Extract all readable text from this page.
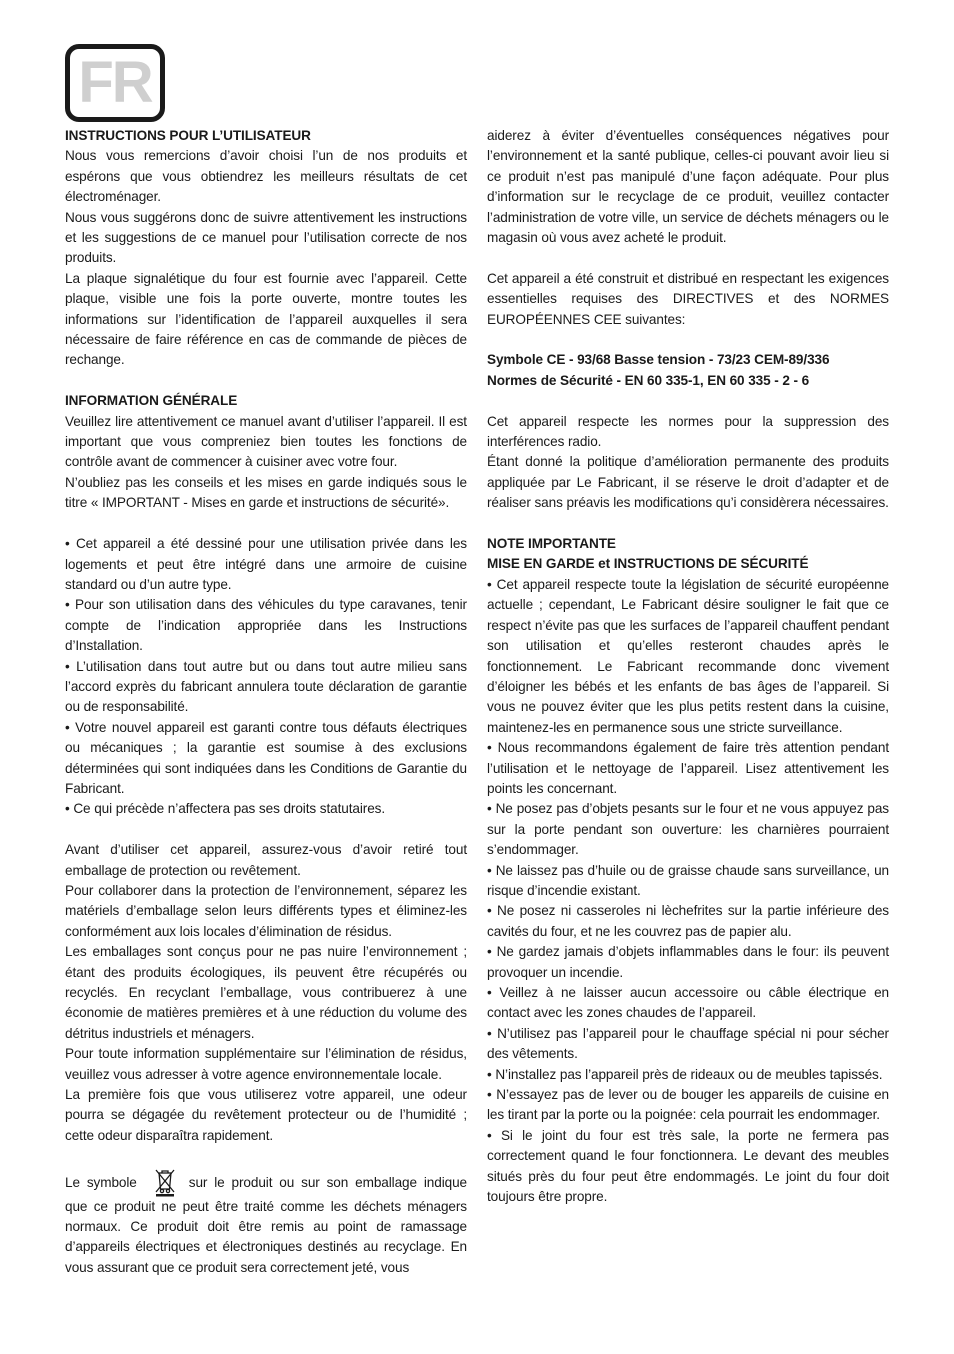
FR

INSTRUCTIONS POUR L’UTILISATEUR

Nous vous remercions d’avoir choisi l’un de nos produits et espérons que vous obtiendrez les meilleurs résultats de cet électroménager.

Nous vous suggérons donc de suivre attentivement les instructions et les suggestions de ce manuel pour l’utilisation correcte de nos produits.

La plaque signalétique du four est fournie avec l’appareil. Cette plaque, visible une fois la porte ouverte, montre toutes les informations sur l’identification de l’appareil auxquelles il sera nécessaire de faire référence en cas de commande de pièces de rechange.

INFORMATION GÉNÉRALE

Veuillez lire attentivement ce manuel avant d’utiliser l’appareil. Il est important que vous compreniez bien toutes les fonctions de contrôle avant de commencer à cuisiner avec votre four.

N’oubliez pas les conseils et les mises en garde indiqués sous le titre « IMPORTANT - Mises en garde et instructions de sécurité».

• Cet appareil a été dessiné pour une utilisation privée dans les logements et peut être intégré dans une armoire de cuisine standard ou d’un autre type.

• Pour son utilisation dans des véhicules du type caravanes, tenir compte de l’indication appropriée dans les Instructions d’Installation.

• L’utilisation dans tout autre but ou dans tout autre milieu sans l’accord exprès du fabricant annulera toute déclaration de garantie ou de responsabilité.

• Votre nouvel appareil est garanti contre tous défauts électriques ou mécaniques ; la garantie est soumise à des exclusions déterminées qui sont indiquées dans les Conditions de Garantie du Fabricant.

• Ce qui précède n’affectera pas ses droits statutaires.

Avant d’utiliser cet appareil, assurez-vous d’avoir retiré tout emballage de protection ou revêtement.

Pour collaborer dans la protection de l’environnement, séparez les matériels d’emballage selon leurs différents types et éliminez-les conformément aux lois locales d’élimination de résidus.

Les emballages sont conçus pour ne pas nuire l’environnement ; étant des produits écologiques, ils peuvent être récupérés ou recyclés. En recyclant l’emballage, vous contribuerez à une économie de matières premières et à une réduction du volume des détritus industriels et ménagers.

Pour toute information supplémentaire sur l’élimination de résidus, veuillez vous adresser à votre agence environnementale locale.

La première fois que vous utiliserez votre appareil, une odeur pourra se dégagée du revêtement protecteur ou de l’humidité ; cette odeur disparaîtra rapidement.

Le symbole	sur le produit ou sur son emballage indique que ce produit ne peut être traité comme les déchets ménagers normaux. Ce produit doit être remis au point de ramassage d’appareils électriques et électroniques destinés au recyclage. En vous assurant que ce produit sera correctement jeté, vous

aiderez à éviter d’éventuelles conséquences négatives pour l’environnement et la santé publique, celles-ci pouvant avoir lieu si ce produit n’est pas manipulé d’une façon adéquate. Pour plus d’information sur le recyclage de ce produit, veuillez contacter l’administration de votre ville, un service de déchets ménagers ou le magasin où vous avez acheté le produit.

Cet appareil a été construit et distribué en respectant les exigences essentielles requises des DIRECTIVES et des NORMES EUROPÉENNES CEE suivantes:

Symbole CE - 93/68 Basse tension - 73/23 CEM-89/336

Normes de Sécurité - EN 60 335-1, EN 60 335 - 2 - 6

Cet appareil respecte les normes pour la suppression des interférences radio.

Étant donné la politique d’amélioration permanente des produits appliquée par Le Fabricant, il se réserve le droit d’adapter et de réaliser sans préavis les modifications qu’i considèrera nécessaires.

NOTE IMPORTANTE

MISE EN GARDE et INSTRUCTIONS DE SÉCURITÉ

• Cet appareil respecte toute la législation de sécurité européenne actuelle ; cependant, Le Fabricant désire souligner le fait que ce respect n’évite pas que les surfaces de l’appareil chauffent pendant son utilisation et qu’elles resteront chaudes après le fonctionnement. Le Fabricant recommande donc vivement d’éloigner les bébés et les enfants de bas âges de l’appareil. Si vous ne pouvez éviter que les plus petits restent dans la cuisine, maintenez-les en permanence sous une stricte surveillance.

• Nous recommandons également de faire très attention pendant l’utilisation et le nettoyage de l’appareil. Lisez attentivement les points les concernant.

• Ne posez pas d’objets pesants sur le four et ne vous appuyez pas sur la porte pendant son ouverture: les charnières pourraient s’endommager.

• Ne laissez pas d’huile ou de graisse chaude sans surveillance, un risque d’incendie existant.

• Ne posez ni casseroles ni lèchefrites sur la partie inférieure des cavités du four, et ne les couvrez pas de papier alu.

• Ne gardez jamais d’objets inflammables dans le four: ils peuvent provoquer un incendie.

• Veillez à ne laisser aucun accessoire ou câble électrique en contact avec les zones chaudes de l’appareil.

• N’utilisez pas l’appareil pour le chauffage spécial ni pour sécher des vêtements.

• N’installez pas l’appareil près de rideaux ou de meubles tapissés.

• N’essayez pas de lever ou de bouger les appareils de cuisine en les tirant par la porte ou la poignée: cela pourrait les endommager.

• Si le joint du four est très sale, la porte ne fermera pas correctement quand le four fonctionnera. Le devant des meubles situés près du four peut être endommagés. Le joint du four doit toujours être propre.
